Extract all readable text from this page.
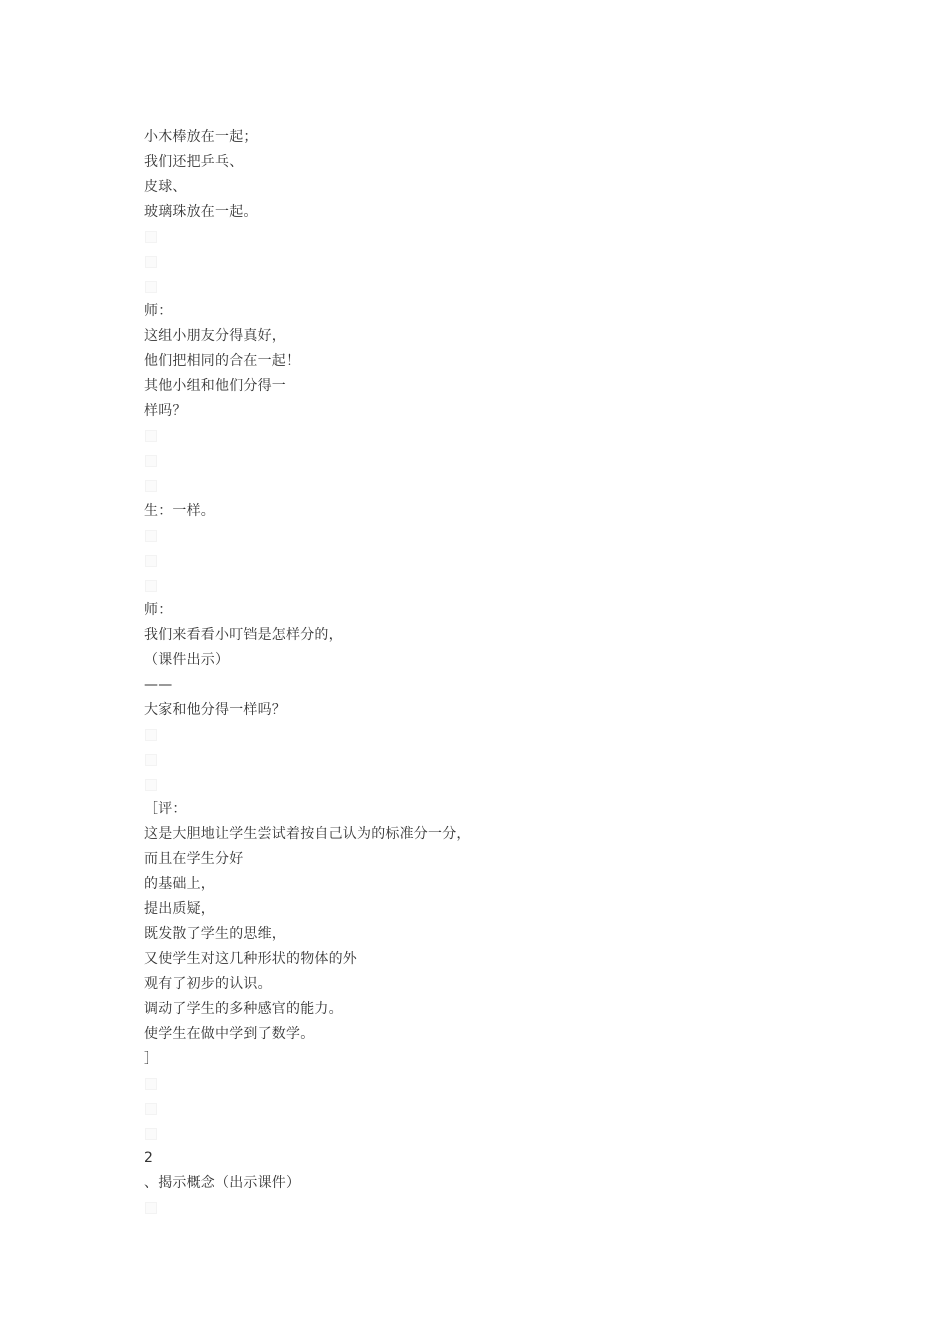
小木棒放在一起；
我们还把乒乓、
皮球、
玻璃珠放在一起。
师：
这组小朋友分得真好，
他们把相同的合在一起！
其他小组和他们分得一
样吗？
生：一样。
师：
我们来看看小叮铛是怎样分的，
（课件出示）
——
大家和他分得一样吗？
［评：
这是大胆地让学生尝试着按自己认为的标准分一分，
而且在学生分好
的基础上，
提出质疑，
既发散了学生的思维，
又使学生对这几种形状的物体的外
观有了初步的认识。
调动了学生的多种感官的能力。
使学生在做中学到了数学。
］
2
、揭示概念（出示课件）
